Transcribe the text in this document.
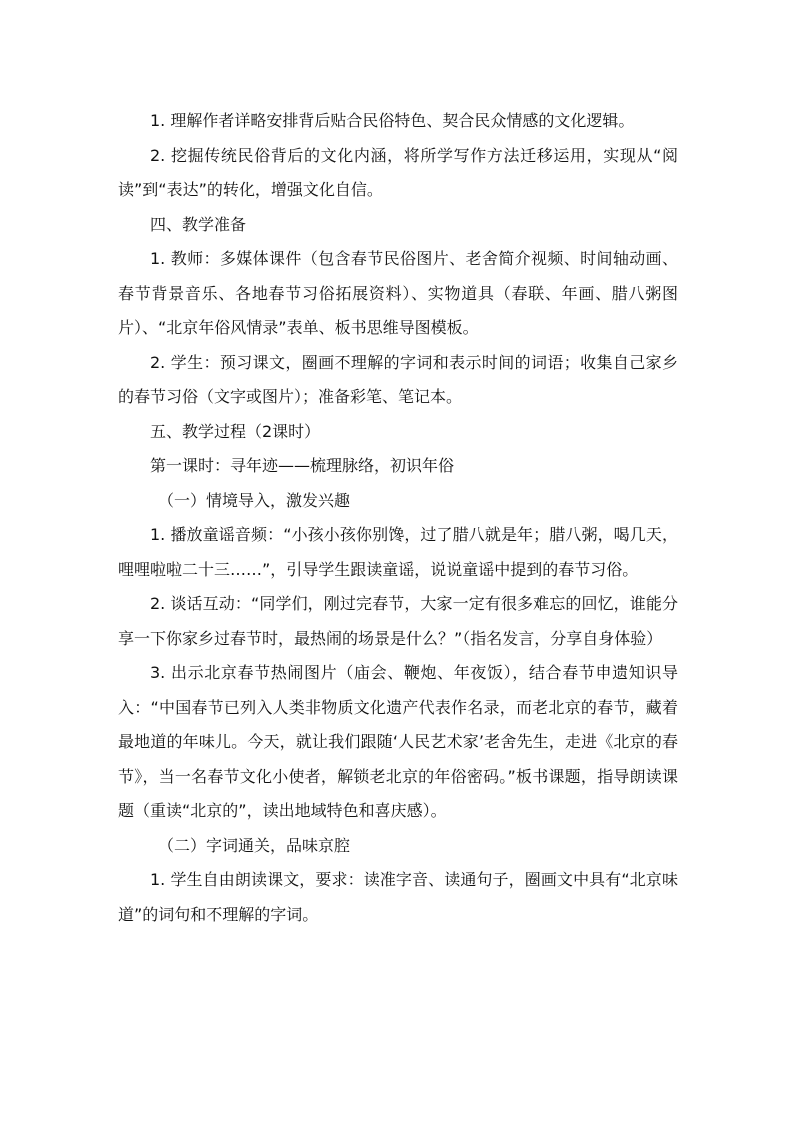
1. 理解作者详略安排背后贴合民俗特色、契合民众情感的文化逻辑。

2. 挖掘传统民俗背后的文化内涵，将所学写作方法迁移运用，实现从“阅读”到“表达”的转化，增强文化自信。

四、教学准备

1. 教师：多媒体课件（包含春节民俗图片、老舍简介视频、时间轴动画、春节背景音乐、各地春节习俗拓展资料）、实物道具（春联、年画、腊八粥图片）、“北京年俗风情录”表单、板书思维导图模板。

2. 学生：预习课文，圈画不理解的字词和表示时间的词语；收集自己家乡的春节习俗（文字或图片）；准备彩笔、笔记本。

五、教学过程（2课时）

第一课时：寻年迹——梳理脉络，初识年俗

（一）情境导入，激发兴趣

1. 播放童谣音频：“小孩小孩你别馋，过了腊八就是年；腊八粥，喝几天，哩哩啦啦二十三……”，引导学生跟读童谣，说说童谣中提到的春节习俗。

2. 谈话互动：“同学们，刚过完春节，大家一定有很多难忘的回忆，谁能分享一下你家乡过春节时，最热闹的场景是什么？”（指名发言，分享自身体验）

3. 出示北京春节热闹图片（庙会、鞭炮、年夜饭），结合春节申遗知识导入：“中国春节已列入人类非物质文化遗产代表作名录，而老北京的春节，藏着最地道的年味儿。今天，就让我们跟随‘人民艺术家’老舍先生，走进《北京的春节》，当一名春节文化小使者，解锁老北京的年俗密码。”板书课题，指导朗读课题（重读“北京的”，读出地域特色和喜庆感）。

（二）字词通关，品味京腔

1. 学生自由朗读课文，要求：读准字音、读通句子，圈画文中具有“北京味道”的词句和不理解的字词。
